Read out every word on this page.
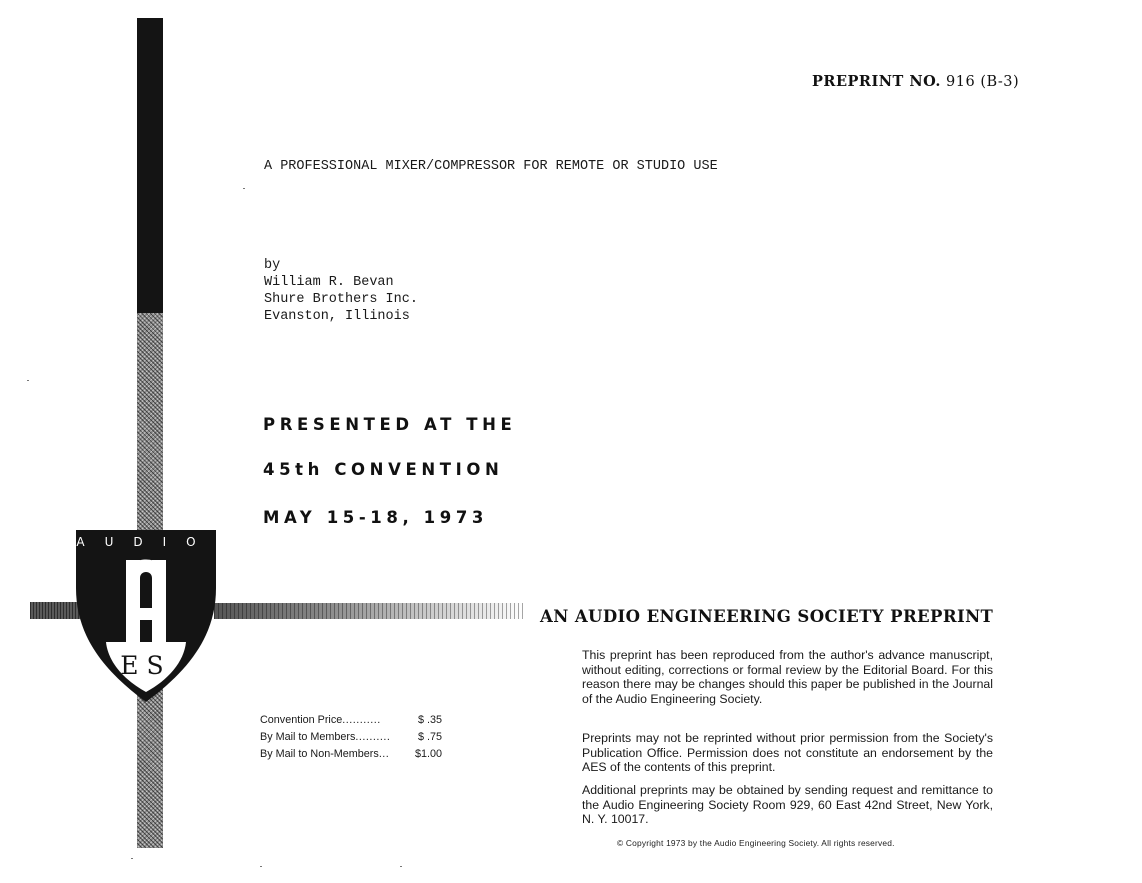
AUDIO
ES
PREPRINT NO. 916 (B-3)
A PROFESSIONAL MIXER/COMPRESSOR FOR REMOTE OR STUDIO USE
by
William R. Bevan
Shure Brothers Inc.
Evanston, Illinois
PRESENTED AT THE
45th CONVENTION
MAY 15-18, 1973
AN AUDIO ENGINEERING SOCIETY PREPRINT
This preprint has been reproduced from the author's advance manuscript, without editing, corrections or formal review by the Editorial Board. For this reason there may be changes should this paper be published in the Journal of the Audio Engineering Society.
Preprints may not be reprinted without prior permission from the Society's Publication Office. Permission does not constitute an endorsement by the AES of the contents of this preprint.
Additional preprints may be obtained by sending request and remittance to the Audio Engineering Society Room 929, 60 East 42nd Street, New York, N. Y. 10017.
© Copyright 1973 by the Audio Engineering Society. All rights reserved.
Convention Price ...........	$ .35
By Mail to Members ..........	$ .75
By Mail to Non-Members ...	$1.00
